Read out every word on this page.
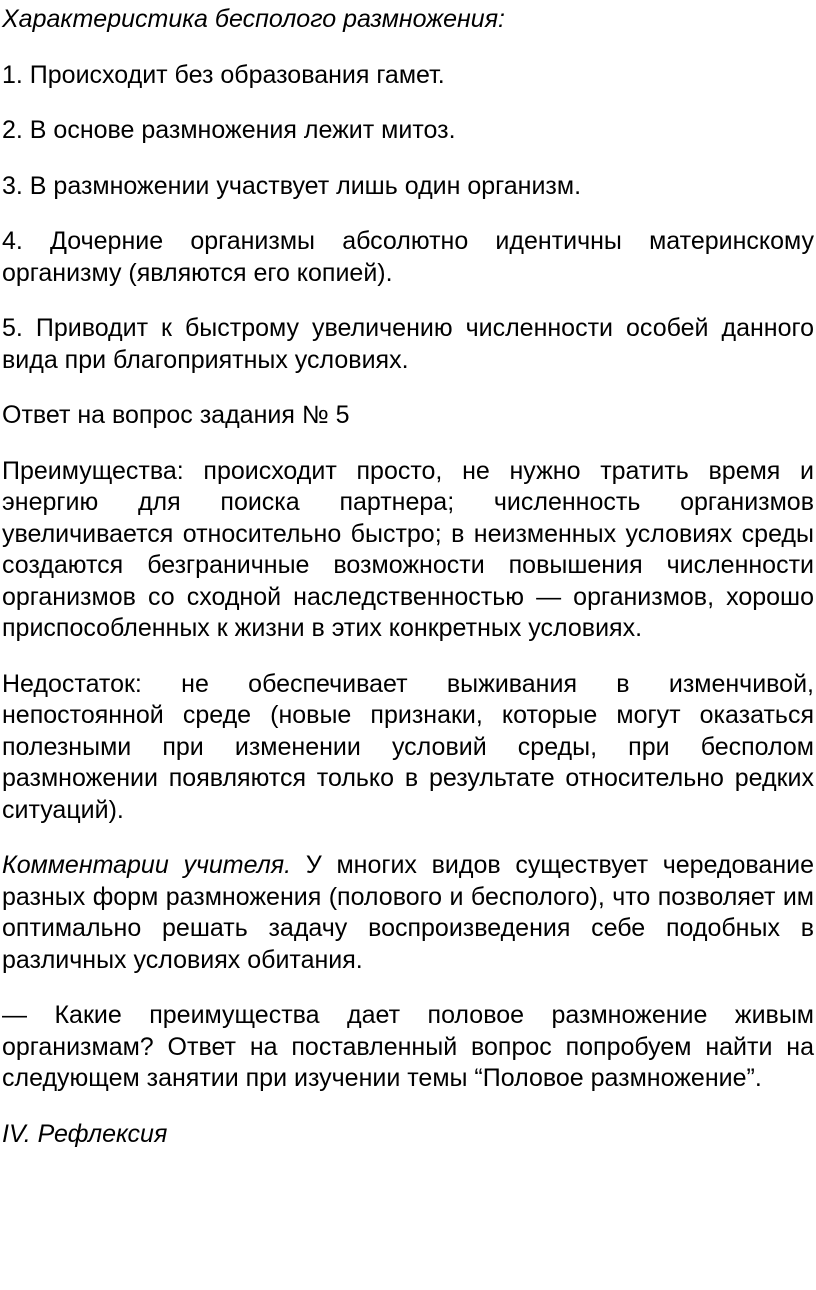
Характеристика бесполого размножения:

1. Происходит без образования гамет.

2. В основе размножения лежит митоз.

3. В размножении участвует лишь один организм.

4. Дочерние организмы абсолютно идентичны материнскому организму (являются его копией).

5. Приводит к быстрому увеличению численности особей данного вида при благоприятных условиях.

Ответ на вопрос задания № 5

Преимущества: происходит просто, не нужно тратить время и энергию для поиска партнера; численность организмов увеличивается относительно быстро; в неизменных условиях среды создаются безграничные возможности повышения численности организмов со сходной наследственностью — организмов, хорошо приспособленных к жизни в этих конкретных условиях.

Недостаток: не обеспечивает выживания в изменчивой, непостоянной среде (новые признаки, которые могут оказаться полезными при изменении условий среды, при бесполом размножении появляются только в результате относительно редких ситуаций).

Комментарии учителя. У многих видов существует чередование разных форм размножения (полового и бесполого), что позволяет им оптимально решать задачу воспроизведения себе подобных в различных условиях обитания.

— Какие преимущества дает половое размножение живым организмам? Ответ на поставленный вопрос попробуем найти на следующем занятии при изучении темы “Половое размножение”.

IV. Рефлексия
